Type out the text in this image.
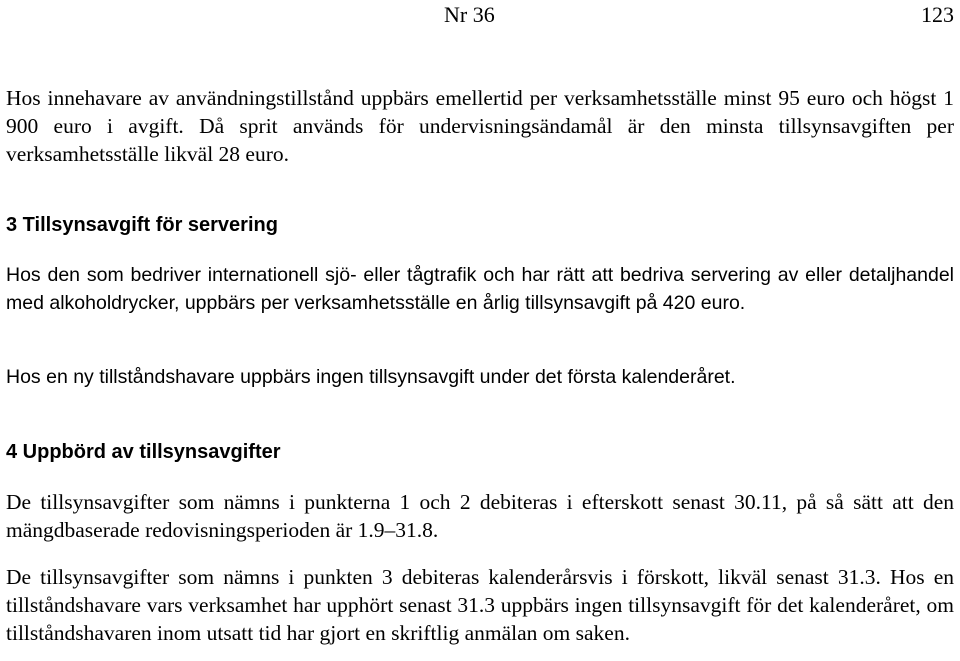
Nr 36	123

Hos innehavare av användningstillstånd uppbärs emellertid per verksamhetsställe minst 95 euro och högst 1 900 euro i avgift. Då sprit används för undervisningsändamål är den minsta tillsynsavgiften per verksamhetsställe likväl 28 euro.

3 Tillsynsavgift för servering

Hos den som bedriver internationell sjö- eller tågtrafik och har rätt att bedriva servering av eller detaljhandel med alkoholdrycker, uppbärs per verksamhetsställe en årlig tillsynsavgift på 420 euro.

Hos en ny tillståndshavare uppbärs ingen tillsynsavgift under det första kalenderåret.

4 Uppbörd av tillsynsavgifter

De tillsynsavgifter som nämns i punkterna 1 och 2 debiteras i efterskott senast 30.11, på så sätt att den mängdbaserade redovisningsperioden är 1.9–31.8.

De tillsynsavgifter som nämns i punkten 3 debiteras kalenderårsvis i förskott, likväl senast 31.3. Hos en tillståndshavare vars verksamhet har upphört senast 31.3 uppbärs ingen tillsynsavgift för det kalenderåret, om tillståndshavaren inom utsatt tid har gjort en skriftlig anmälan om saken.
